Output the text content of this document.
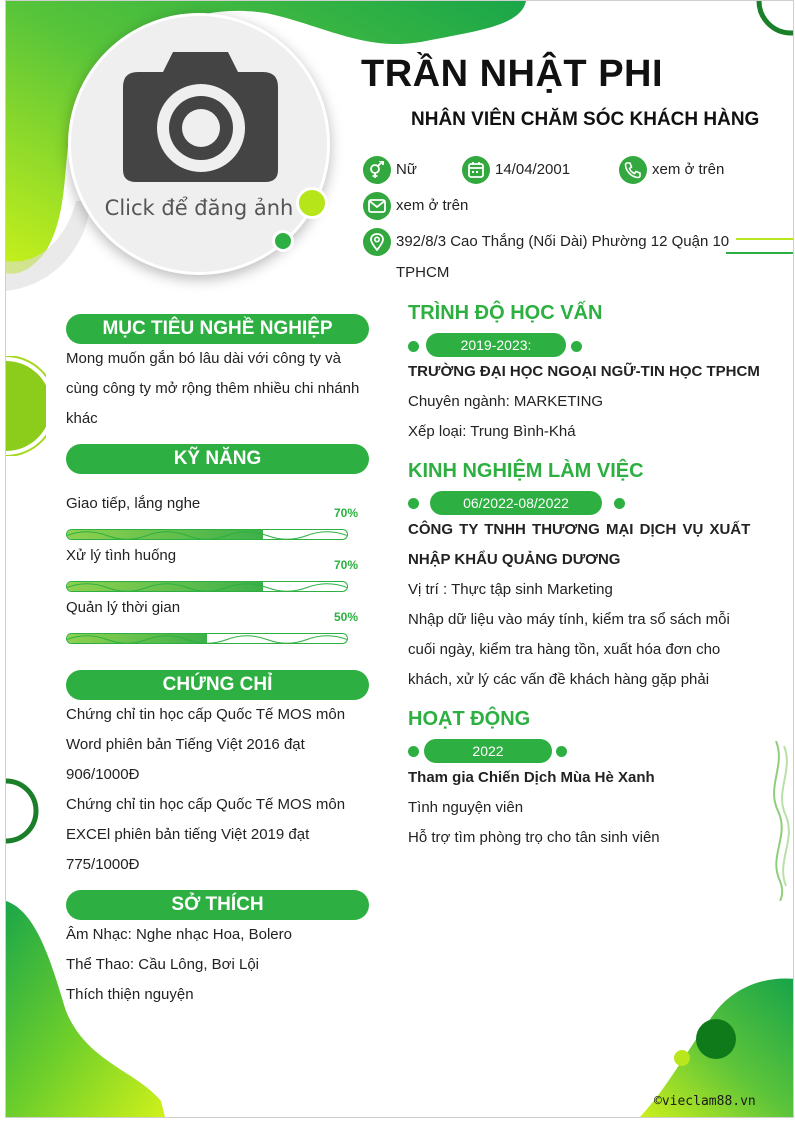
Click để đăng ảnh
TRẦN NHẬT PHI
NHÂN VIÊN CHĂM SÓC KHÁCH HÀNG
Nữ	14/04/2001	xem ở trên
xem ở trên
392/8/3 Cao Thắng (Nối Dài) Phường 12 Quận 10
TPHCM
MỤC TIÊU NGHỀ NGHIỆP
Mong muốn gắn bó lâu dài với công ty và
cùng công ty mở rộng thêm nhiều chi nhánh
khác
KỸ NĂNG
Giao tiếp, lắng nghe
70%
Xử lý tình huống
70%
Quản lý thời gian
50%
CHỨNG CHỈ
Chứng chỉ tin học cấp Quốc Tế MOS môn
Word phiên bản Tiếng Việt 2016 đạt
906/1000Đ
Chứng chỉ tin học cấp Quốc Tế MOS môn
EXCEl phiên bản tiếng Việt 2019 đạt
775/1000Đ
SỞ THÍCH
Âm Nhạc: Nghe nhạc Hoa, Bolero
Thể Thao: Cầu Lông, Bơi Lội
Thích thiện nguyện
TRÌNH ĐỘ HỌC VẤN
2019-2023:
TRƯỜNG ĐẠI HỌC NGOẠI NGỮ-TIN HỌC TPHCM
Chuyên ngành: MARKETING
Xếp loại: Trung Bình-Khá
KINH NGHIỆM LÀM VIỆC
06/2022-08/2022
CÔNG TY TNHH THƯƠNG MẠI DỊCH VỤ XUẤT
NHẬP KHẨU QUẢNG DƯƠNG
Vị trí : Thực tập sinh Marketing
Nhập dữ liệu vào máy tính, kiểm tra sổ sách mỗi
cuối ngày, kiểm tra hàng tồn, xuất hóa đơn cho
khách, xử lý các vấn đề khách hàng gặp phải
HOẠT ĐỘNG
2022
Tham gia Chiến Dịch Mùa Hè Xanh
Tình nguyện viên
Hỗ trợ tìm phòng trọ cho tân sinh viên
©vieclam88.vn
